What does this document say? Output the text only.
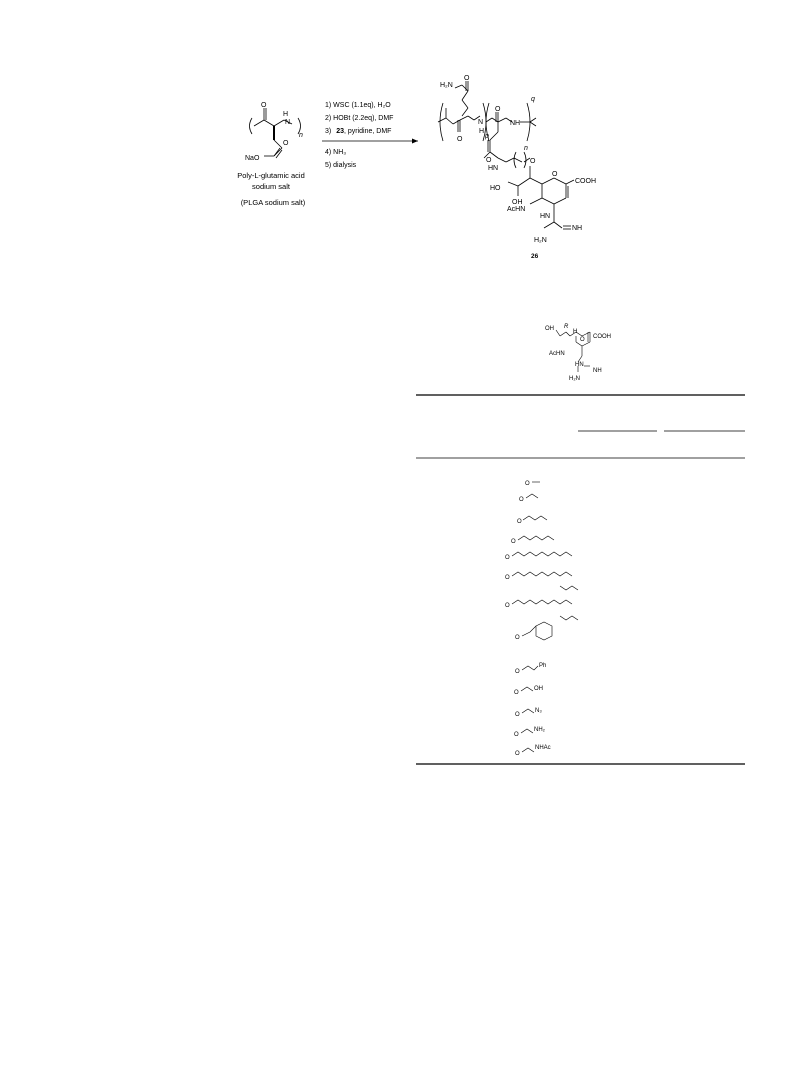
O
H
N
n
NaO
O
Poly-L-glutamic acid
sodium salt
(PLGA sodium salt)
1) WSC (1.1eq), H₂O
2) HOBt (2.2eq), DMF
3) 23, pyridine, DMF
4) NH₃
5) dialysis
H₂N
O
O
N
H
p
O
NH
q
O
HN
n
O
O
COOH
HO
OH
AcHN
HN
NH
H₂N
26
OH R
H
O COOH
AcHN
HN
NH
H₂N
O
O
O
O
O
O
O
O
O
O
O
O
O
Ph
OH
N₃
NH₂
NHAc
